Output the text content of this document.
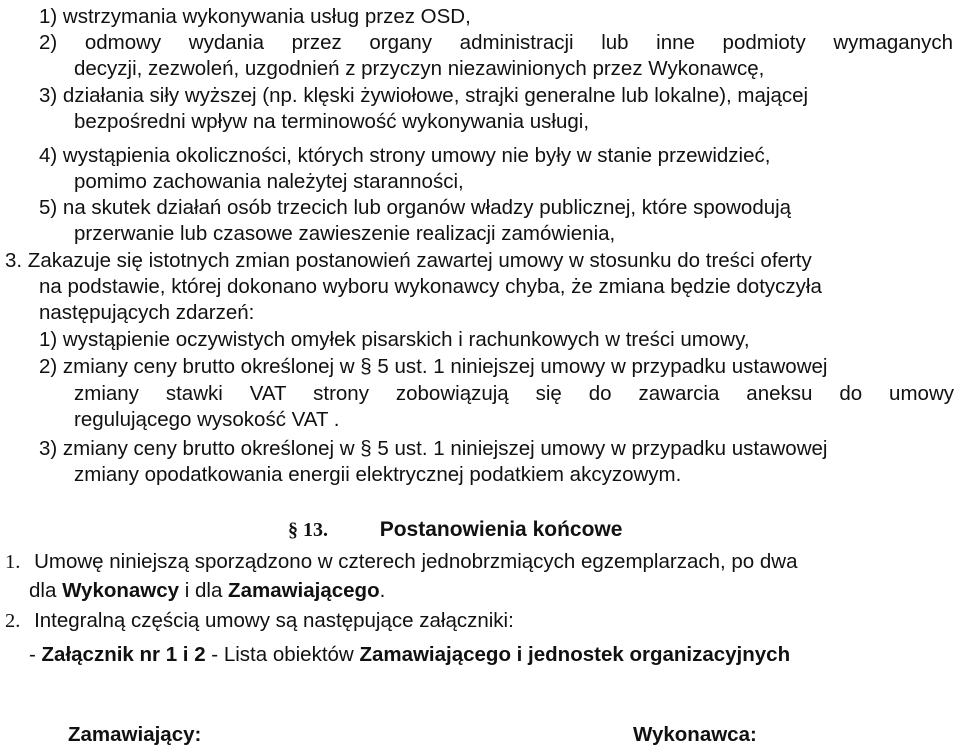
1) wstrzymania wykonywania usług przez OSD,
2) odmowy wydania przez organy administracji lub inne podmioty wymaganych
decyzji, zezwoleń, uzgodnień z przyczyn niezawinionych przez Wykonawcę,
3) działania siły wyższej (np. klęski żywiołowe, strajki generalne lub lokalne), mającej
bezpośredni wpływ na terminowość wykonywania usługi,
4) wystąpienia okoliczności, których strony umowy nie były w stanie przewidzieć,
pomimo zachowania należytej staranności,
5) na skutek działań osób trzecich lub organów władzy publicznej, które spowodują
przerwanie lub czasowe zawieszenie realizacji zamówienia,
3. Zakazuje się istotnych zmian postanowień zawartej umowy w stosunku do treści oferty
na podstawie, której dokonano wyboru wykonawcy chyba, że zmiana będzie dotyczyła
następujących zdarzeń:
1) wystąpienie oczywistych omyłek pisarskich i rachunkowych w treści umowy,
2) zmiany ceny brutto określonej w § 5 ust. 1 niniejszej umowy w przypadku ustawowej
zmiany stawki VAT strony zobowiązują się do zawarcia aneksu do umowy
regulującego wysokość VAT .
3) zmiany ceny brutto określonej w § 5 ust. 1 niniejszej umowy w przypadku ustawowej
zmiany opodatkowania energii elektrycznej podatkiem akcyzowym.
§ 13. Postanowienia końcowe
1. Umowę niniejszą sporządzono w czterech jednobrzmiących egzemplarzach, po dwa
dla Wykonawcy i dla Zamawiającego.
2. Integralną częścią umowy są następujące załączniki:
- Załącznik nr 1 i 2 - Lista obiektów Zamawiającego i jednostek organizacyjnych
Zamawiający:	Wykonawca:
